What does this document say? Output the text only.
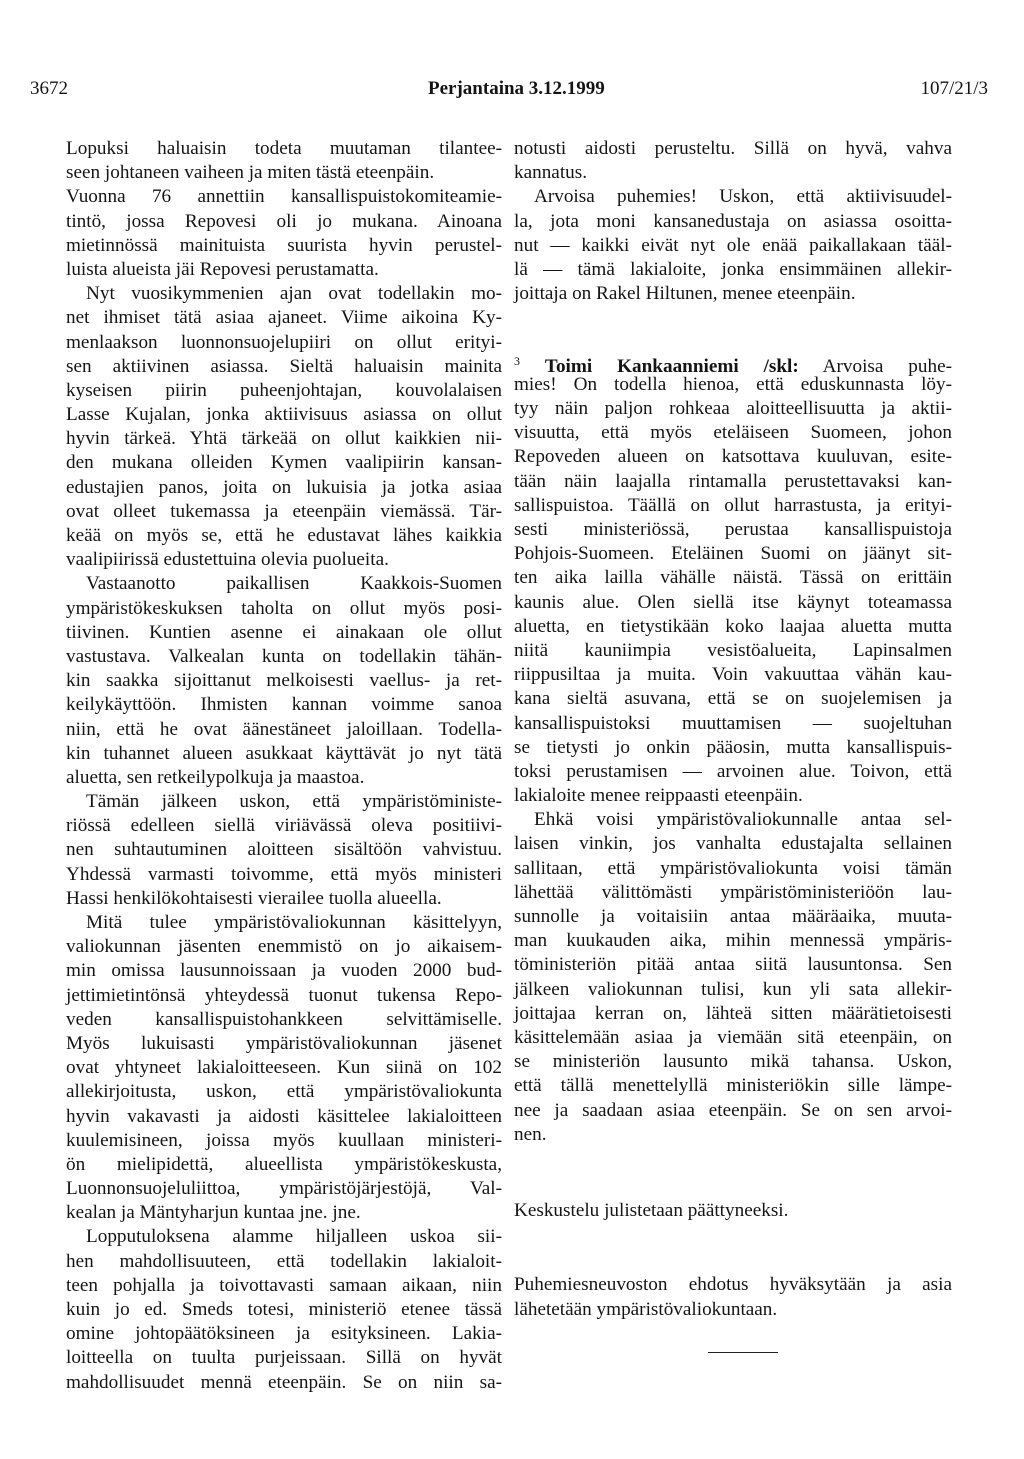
3672	Perjantaina 3.12.1999	107/21/3
Lopuksi haluaisin todeta muutaman tilantee-
seen johtaneen vaiheen ja miten tästä eteenpäin.
Vuonna 76 annettiin kansallispuistokomiteamie-
tintö, jossa Repovesi oli jo mukana. Ainoana
mietinnössä mainituista suurista hyvin perustel-
luista alueista jäi Repovesi perustamatta.
Nyt vuosikymmenien ajan ovat todellakin mo-
net ihmiset tätä asiaa ajaneet. Viime aikoina Ky-
menlaakson luonnonsuojelupiiri on ollut erityi-
sen aktiivinen asiassa. Sieltä haluaisin mainita
kyseisen piirin puheenjohtajan, kouvolalaisen
Lasse Kujalan, jonka aktiivisuus asiassa on ollut
hyvin tärkeä. Yhtä tärkeää on ollut kaikkien nii-
den mukana olleiden Kymen vaalipiirin kansan-
edustajien panos, joita on lukuisia ja jotka asiaa
ovat olleet tukemassa ja eteenpäin viemässä. Tär-
keää on myös se, että he edustavat lähes kaikkia
vaalipiirissä edustettuina olevia puolueita.
Vastaanotto paikallisen Kaakkois-Suomen
ympäristökeskuksen taholta on ollut myös posi-
tiivinen. Kuntien asenne ei ainakaan ole ollut
vastustava. Valkealan kunta on todellakin tähän-
kin saakka sijoittanut melkoisesti vaellus- ja ret-
keilykäyttöön. Ihmisten kannan voimme sanoa
niin, että he ovat äänestäneet jaloillaan. Todella-
kin tuhannet alueen asukkaat käyttävät jo nyt tätä
aluetta, sen retkeilypolkuja ja maastoa.
Tämän jälkeen uskon, että ympäristöministe-
riössä edelleen siellä viriävässä oleva positiivi-
nen suhtautuminen aloitteen sisältöön vahvistuu.
Yhdessä varmasti toivomme, että myös ministeri
Hassi henkilökohtaisesti vierailee tuolla alueella.
Mitä tulee ympäristövaliokunnan käsittelyyn,
valiokunnan jäsenten enemmistö on jo aikaisem-
min omissa lausunnoissaan ja vuoden 2000 bud-
jettimietintönsä yhteydessä tuonut tukensa Repo-
veden kansallispuistohankkeen selvittämiselle.
Myös lukuisasti ympäristövaliokunnan jäsenet
ovat yhtyneet lakialoitteeseen. Kun siinä on 102
allekirjoitusta, uskon, että ympäristövaliokunta
hyvin vakavasti ja aidosti käsittelee lakialoitteen
kuulemisineen, joissa myös kuullaan ministeri-
ön mielipidettä, alueellista ympäristökeskusta,
Luonnonsuojeluliittoa, ympäristöjärjestöjä, Val-
kealan ja Mäntyharjun kuntaa jne. jne.
Lopputuloksena alamme hiljalleen uskoa sii-
hen mahdollisuuteen, että todellakin lakialoit-
teen pohjalla ja toivottavasti samaan aikaan, niin
kuin jo ed. Smeds totesi, ministeriö etenee tässä
omine johtopäätöksineen ja esityksineen. Lakia-
loitteella on tuulta purjeissaan. Sillä on hyvät
mahdollisuudet mennä eteenpäin. Se on niin sa-
notusti aidosti perusteltu. Sillä on hyvä, vahva
kannatus.
Arvoisa puhemies! Uskon, että aktiivisuudel-
la, jota moni kansanedustaja on asiassa osoitta-
nut — kaikki eivät nyt ole enää paikallakaan tääl-
lä — tämä lakialoite, jonka ensimmäinen allekir-
joittaja on Rakel Hiltunen, menee eteenpäin.
$^3$ Toimi Kankaanniemi /skl: Arvoisa puhe-
mies! On todella hienoa, että eduskunnasta löy-
tyy näin paljon rohkeaa aloitteellisuutta ja aktii-
visuutta, että myös eteläiseen Suomeen, johon
Repoveden alueen on katsottava kuuluvan, esite-
tään näin laajalla rintamalla perustettavaksi kan-
sallispuistoa. Täällä on ollut harrastusta, ja erityi-
sesti ministeriössä, perustaa kansallispuistoja
Pohjois-Suomeen. Eteläinen Suomi on jäänyt sit-
ten aika lailla vähälle näistä. Tässä on erittäin
kaunis alue. Olen siellä itse käynyt toteamassa
aluetta, en tietystikään koko laajaa aluetta mutta
niitä kauniimpia vesistöalueita, Lapinsalmen
riippusiltaa ja muita. Voin vakuuttaa vähän kau-
kana sieltä asuvana, että se on suojelemisen ja
kansallispuistoksi muuttamisen — suojeltuhan
se tietysti jo onkin pääosin, mutta kansallispuis-
toksi perustamisen — arvoinen alue. Toivon, että
lakialoite menee reippaasti eteenpäin.
Ehkä voisi ympäristövaliokunnalle antaa sel-
laisen vinkin, jos vanhalta edustajalta sellainen
sallitaan, että ympäristövaliokunta voisi tämän
lähettää välittömästi ympäristöministeriöön lau-
sunnolle ja voitaisiin antaa määräaika, muuta-
man kuukauden aika, mihin mennessä ympäris-
töministeriön pitää antaa siitä lausuntonsa. Sen
jälkeen valiokunnan tulisi, kun yli sata allekir-
joittajaa kerran on, lähteä sitten määrätietoisesti
käsittelemään asiaa ja viemään sitä eteenpäin, on
se ministeriön lausunto mikä tahansa. Uskon,
että tällä menettelyllä ministeriökin sille lämpe-
nee ja saadaan asiaa eteenpäin. Se on sen arvoi-
nen.
Keskustelu julistetaan päättyneeksi.
Puhemiesneuvoston ehdotus hyväksytään ja asia
lähetetään ympäristövaliokuntaan.
